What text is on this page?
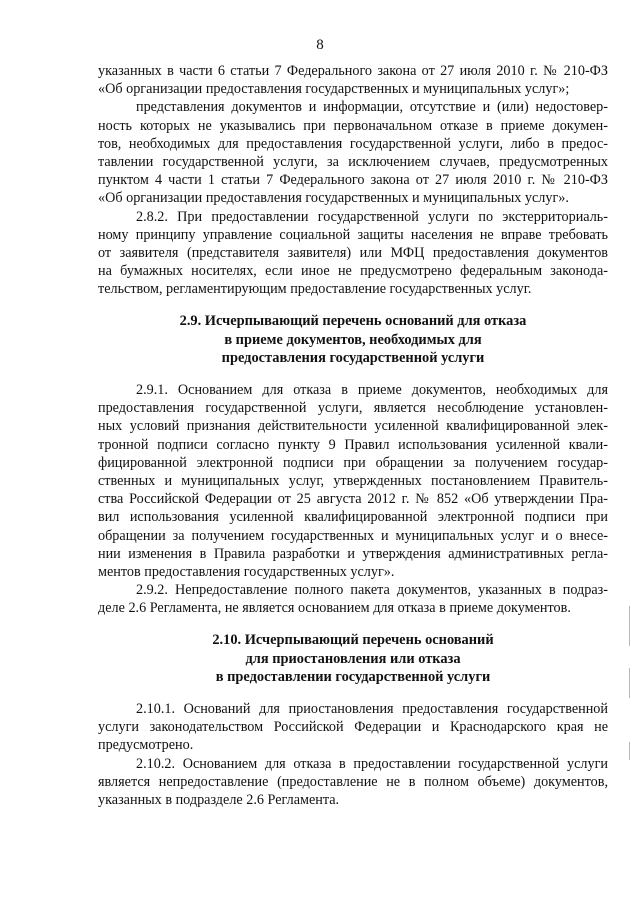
8
указанных в части 6 статьи 7 Федерального закона от 27 июля 2010 г. № 210-ФЗ
«Об организации предоставления государственных и муниципальных услуг»;
представления документов и информации, отсутствие и (или) недостовер-
ность которых не указывались при первоначальном отказе в приеме докумен-
тов, необходимых для предоставления государственной услуги, либо в предос-
тавлении государственной услуги, за исключением случаев, предусмотренных
пунктом 4 части 1 статьи 7 Федерального закона от 27 июля 2010 г. № 210-ФЗ
«Об организации предоставления государственных и муниципальных услуг».
2.8.2. При предоставлении государственной услуги по экстерриториаль-
ному принципу управление социальной защиты населения не вправе требовать
от заявителя (представителя заявителя) или МФЦ предоставления документов
на бумажных носителях, если иное не предусмотрено федеральным законода-
тельством, регламентирующим предоставление государственных услуг.
2.9. Исчерпывающий перечень оснований для отказа
в приеме документов, необходимых для
предоставления государственной услуги
2.9.1. Основанием для отказа в приеме документов, необходимых для
предоставления государственной услуги, является несоблюдение установлен-
ных условий признания действительности усиленной квалифицированной элек-
тронной подписи согласно пункту 9 Правил использования усиленной квали-
фицированной электронной подписи при обращении за получением государ-
ственных и муниципальных услуг, утвержденных постановлением Правитель-
ства Российской Федерации от 25 августа 2012 г. № 852 «Об утверждении Пра-
вил использования усиленной квалифицированной электронной подписи при
обращении за получением государственных и муниципальных услуг и о внесе-
нии изменения в Правила разработки и утверждения административных регла-
ментов предоставления государственных услуг».
2.9.2. Непредоставление полного пакета документов, указанных в подраз-
деле 2.6 Регламента, не является основанием для отказа в приеме документов.
2.10. Исчерпывающий перечень оснований
для приостановления или отказа
в предоставлении государственной услуги
2.10.1. Оснований для приостановления предоставления государственной
услуги законодательством Российской Федерации и Краснодарского края не
предусмотрено.
2.10.2. Основанием для отказа в предоставлении государственной услуги
является непредоставление (предоставление не в полном объеме) документов,
указанных в подразделе 2.6 Регламента.
